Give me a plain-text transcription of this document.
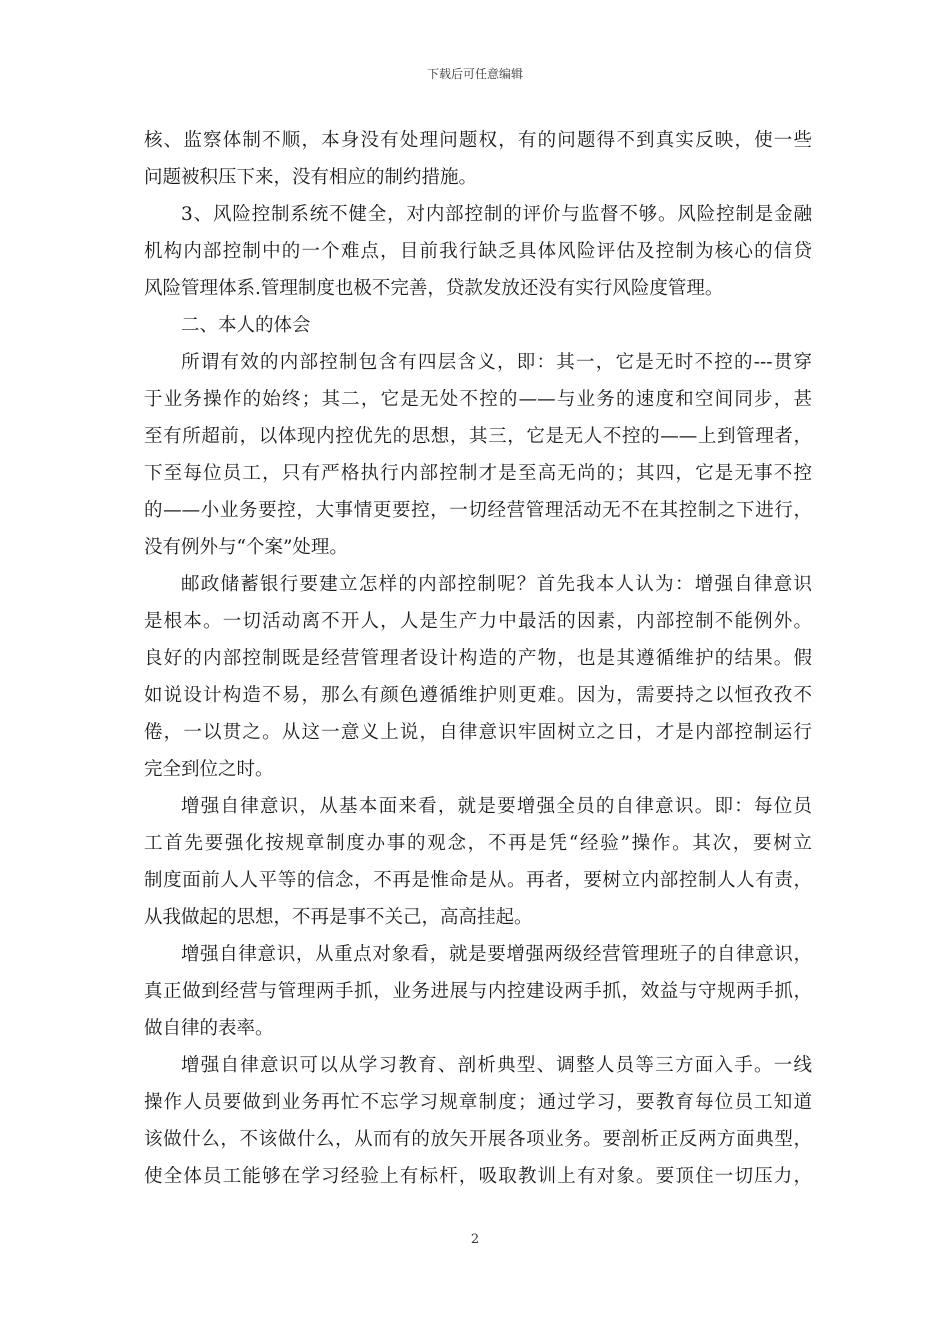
下载后可任意编辑
核、监察体制不顺，本身没有处理问题权，有的问题得不到真实反映，使一些
问题被积压下来，没有相应的制约措施。
3、风险控制系统不健全，对内部控制的评价与监督不够。风险控制是金融
机构内部控制中的一个难点，目前我行缺乏具体风险评估及控制为核心的信贷
风险管理体系.管理制度也极不完善，贷款发放还没有实行风险度管理。
二、本人的体会
所谓有效的内部控制包含有四层含义，即：其一，它是无时不控的---贯穿
于业务操作的始终；其二，它是无处不控的——与业务的速度和空间同步，甚
至有所超前，以体现内控优先的思想，其三，它是无人不控的——上到管理者，
下至每位员工，只有严格执行内部控制才是至高无尚的；其四，它是无事不控
的——小业务要控，大事情更要控，一切经营管理活动无不在其控制之下进行，
没有例外与“个案”处理。
邮政储蓄银行要建立怎样的内部控制呢？首先我本人认为：增强自律意识
是根本。一切活动离不开人，人是生产力中最活的因素，内部控制不能例外。
良好的内部控制既是经营管理者设计构造的产物，也是其遵循维护的结果。假
如说设计构造不易，那么有颜色遵循维护则更难。因为，需要持之以恒孜孜不
倦，一以贯之。从这一意义上说，自律意识牢固树立之日，才是内部控制运行
完全到位之时。
增强自律意识，从基本面来看，就是要增强全员的自律意识。即：每位员
工首先要强化按规章制度办事的观念，不再是凭“经验”操作。其次，要树立
制度面前人人平等的信念，不再是惟命是从。再者，要树立内部控制人人有责，
从我做起的思想，不再是事不关己，高高挂起。
增强自律意识，从重点对象看，就是要增强两级经营管理班子的自律意识，
真正做到经营与管理两手抓，业务进展与内控建设两手抓，效益与守规两手抓，
做自律的表率。
增强自律意识可以从学习教育、剖析典型、调整人员等三方面入手。一线
操作人员要做到业务再忙不忘学习规章制度；通过学习，要教育每位员工知道
该做什么，不该做什么，从而有的放矢开展各项业务。要剖析正反两方面典型，
使全体员工能够在学习经验上有标杆，吸取教训上有对象。要顶住一切压力，
2
